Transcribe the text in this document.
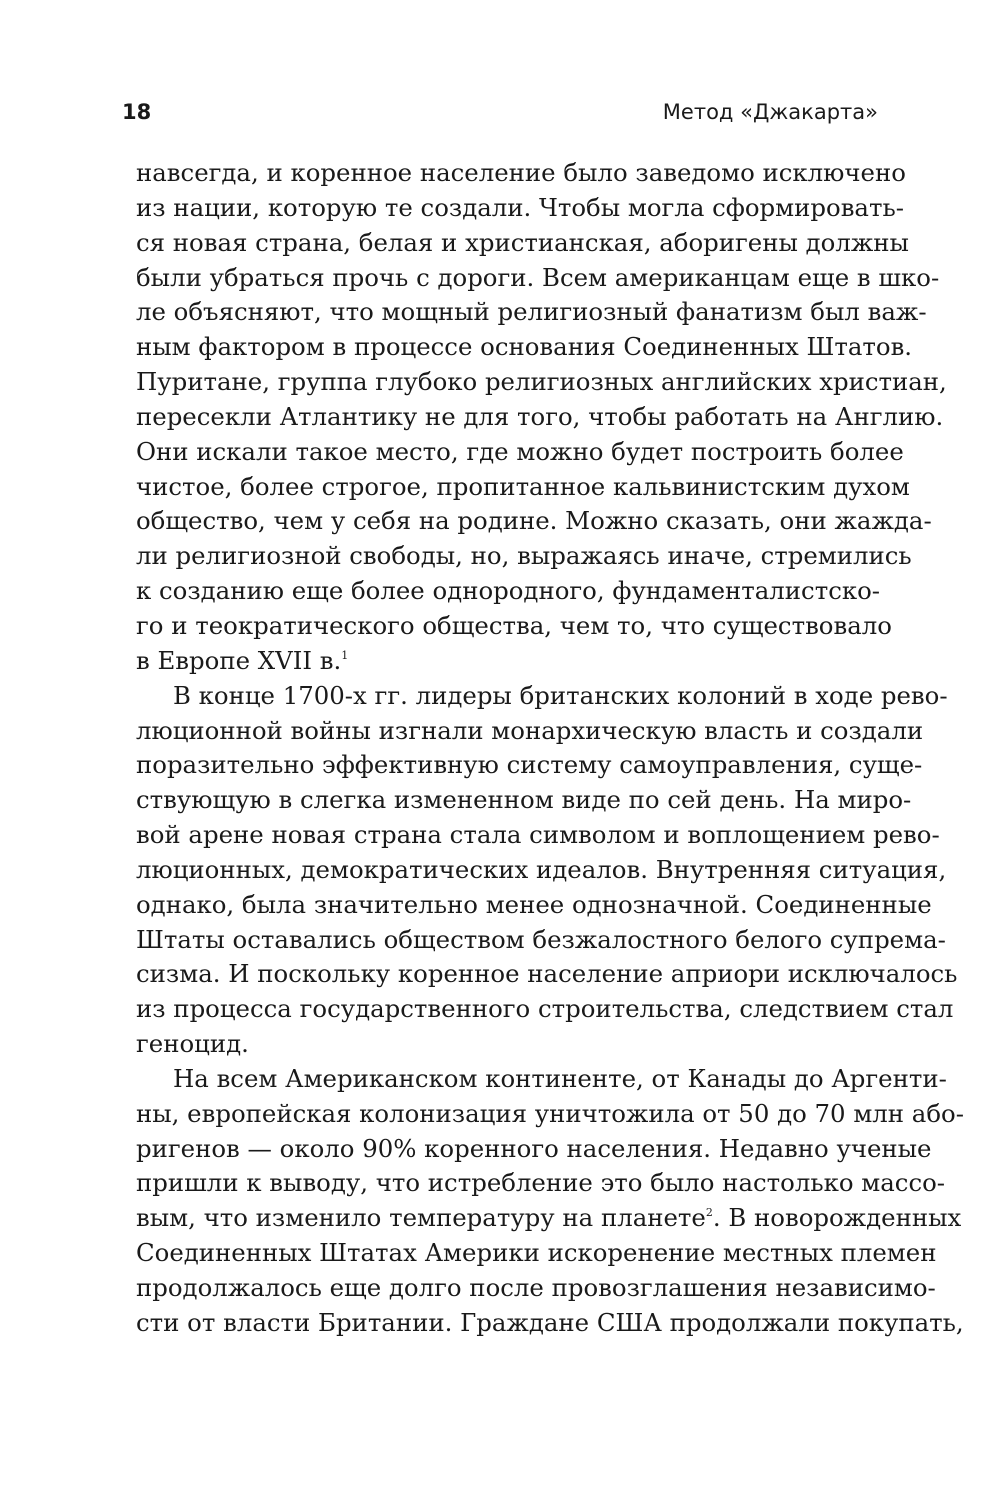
18	Метод «Джакарта»
навсегда, и коренное население было заведомо исключено
из нации, которую те создали. Чтобы могла сформировать-
ся новая страна, белая и христианская, аборигены должны
были убраться прочь с дороги. Всем американцам еще в шко-
ле объясняют, что мощный религиозный фанатизм был важ-
ным фактором в процессе основания Соединенных Штатов.
Пуритане, группа глубоко религиозных английских христиан,
пересекли Атлантику не для того, чтобы работать на Англию.
Они искали такое место, где можно будет построить более
чистое, более строгое, пропитанное кальвинистским духом
общество, чем у себя на родине. Можно сказать, они жажда-
ли религиозной свободы, но, выражаясь иначе, стремились
к созданию еще более однородного, фундаменталистско-
го и теократического общества, чем то, что существовало
в Европе XVII в.$^1$
В конце 1700-х гг. лидеры британских колоний в ходе рево-
люционной войны изгнали монархическую власть и создали
поразительно эффективную систему самоуправления, суще-
ствующую в слегка измененном виде по сей день. На миро-
вой арене новая страна стала символом и воплощением рево-
люционных, демократических идеалов. Внутренняя ситуация,
однако, была значительно менее однозначной. Соединенные
Штаты оставались обществом безжалостного белого супрема-
сизма. И поскольку коренное население априори исключалось
из процесса государственного строительства, следствием стал
геноцид.
На всем Американском континенте, от Канады до Аргенти-
ны, европейская колонизация уничтожила от 50 до 70 млн або-
ригенов — около 90% коренного населения. Недавно ученые
пришли к выводу, что истребление это было настолько массо-
вым, что изменило температуру на планете$^2$. В новорожденных
Соединенных Штатах Америки искоренение местных племен
продолжалось еще долго после провозглашения независимо-
сти от власти Британии. Граждане США продолжали покупать,
